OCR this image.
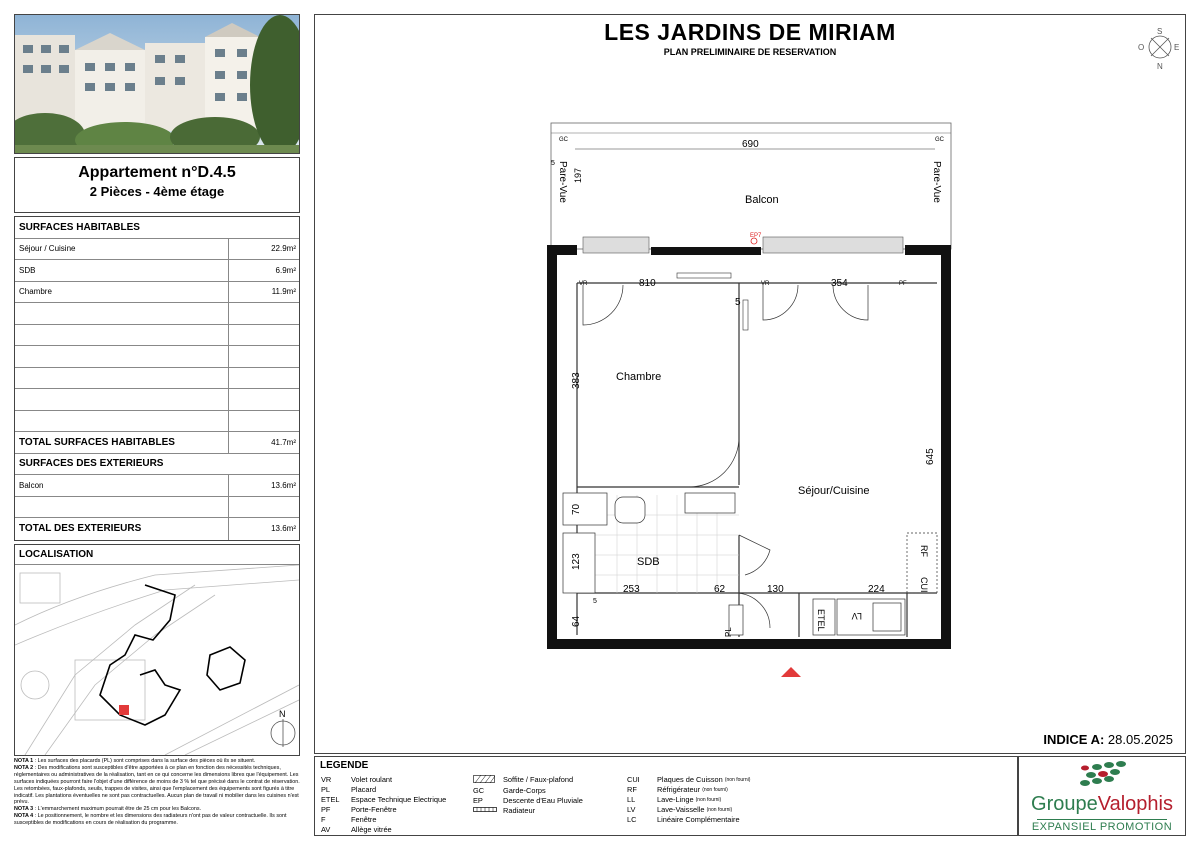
Appartement n°D.4.5
2 Pièces - 4ème étage
SURFACES HABITABLES
Séjour / Cuisine	22.9m²
SDB	6.9m²
Chambre	11.9m²
TOTAL SURFACES HABITABLES	41.7m²
SURFACES DES EXTERIEURS
Balcon	13.6m²
TOTAL DES EXTERIEURS	13.6m²
LOCALISATION
N

NOTA 1 : Les surfaces des placards (PL) sont comprises dans la surface des pièces où ils se situent.

NOTA 2 : Des modifications sont susceptibles d'être apportées à ce plan en fonction des nécessités techniques, réglementaires ou administratives de la réalisation, tant en ce qui concerne les dimensions libres que l'équipement. Les surfaces indiquées pourront faire l'objet d'une différence de moins de 3 % tel que précisé dans le contrat de réservation. Les retombées, faux-plafonds, seuils, trappes de visites, ainsi que l'emplacement des équipements sont figurés à titre indicatif. Les plantations éventuelles ne sont pas contractuelles. Aucun plan de travail ni mobilier dans les cuisines n'est prévu.

NOTA 3 : L'emmarchement maximum pourrait être de 25 cm pour les Balcons.

NOTA 4 : Le positionnement, le nombre et les dimensions des radiateurs n'ont pas de valeur contractuelle. Ils sont susceptibles de modifications en cours de réalisation du programme.

LES JARDINS DE MIRIAM
PLAN PRELIMINAIRE DE RESERVATION
S
O	E
N
GC	GC
690
Balcon
Pare-Vue	Pare-Vue
197
5
EP7
Chambre
Séjour/Cuisine
SDB
VR	VR	PF
PL
ETEL	LV
RF
CUI
810	354
5
383
645
70
123
5
253	62	130	224
64
INDICE A: 28.05.2025
LEGENDE
VR	Volet roulant
PL	Placard
ETEL	Espace Technique Electrique
PF	Porte-Fenêtre
F	Fenêtre
AV	Allège vitrée
Soffite / Faux-plafond
GC	Garde-Corps
EP	Descente d'Eau Pluviale
Radiateur
CUI	Plaques de Cuisson
(non fourni)
RF	Réfrigérateur
(non fourni)
LL	Lave-Linge
(non fourni)
LV	Lave-Vaisselle
(non fourni)
LC	Linéaire Complémentaire
GroupeValophis
EXPANSIEL PROMOTION
